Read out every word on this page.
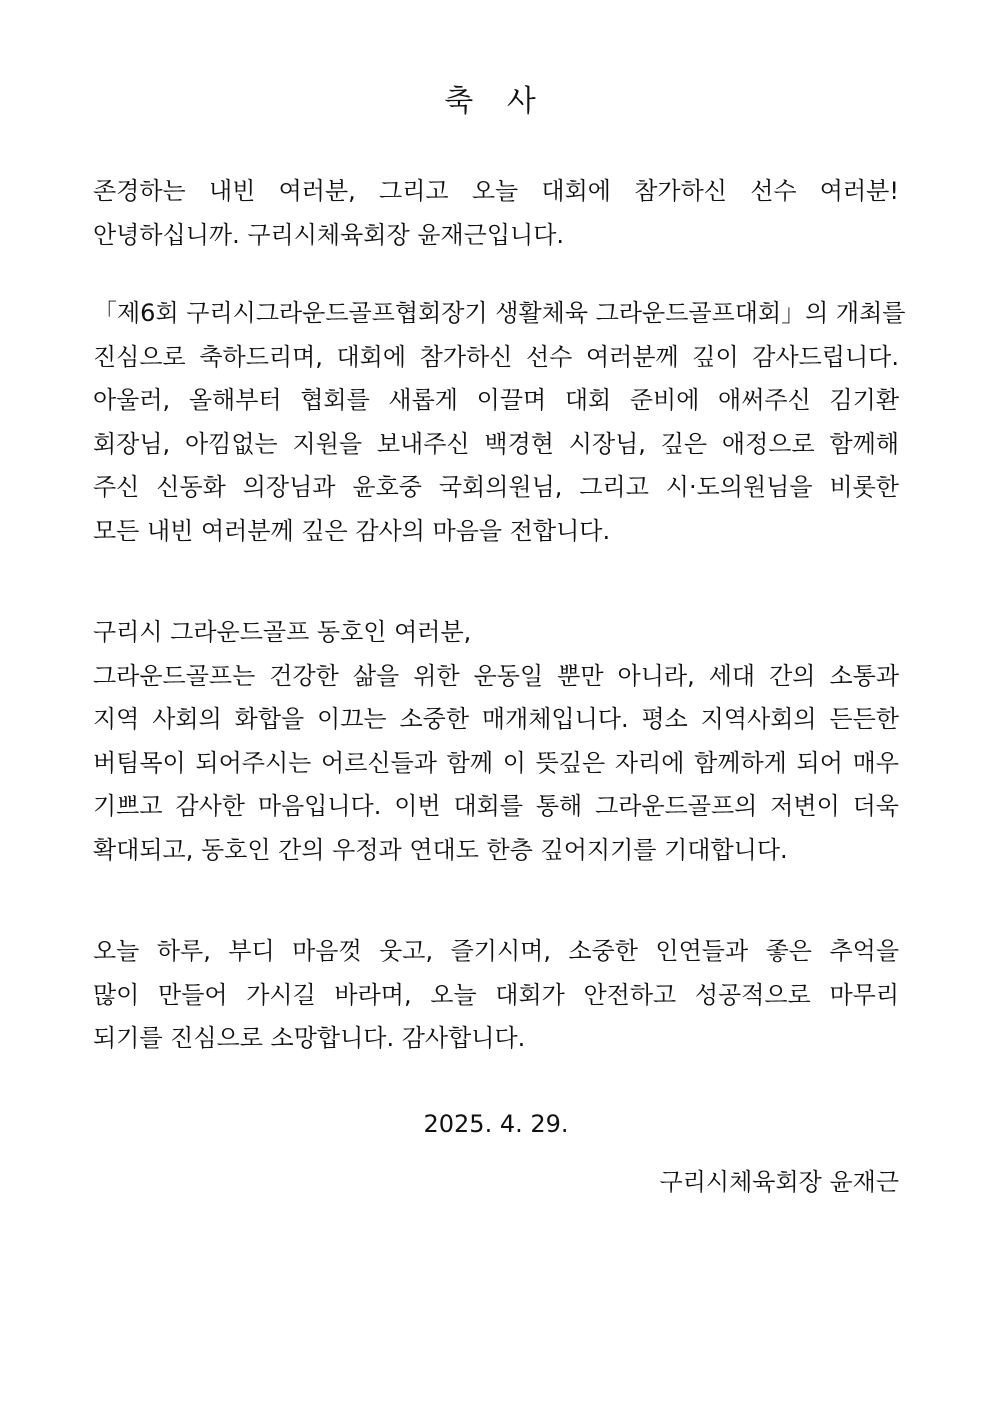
축 사
존경하는 내빈 여러분, 그리고 오늘 대회에 참가하신 선수 여러분!
안녕하십니까. 구리시체육회장 윤재근입니다.
「제6회 구리시그라운드골프협회장기 생활체육 그라운드골프대회」의 개최를
진심으로 축하드리며, 대회에 참가하신 선수 여러분께 깊이 감사드립니다.
아울러, 올해부터 협회를 새롭게 이끌며 대회 준비에 애써주신 김기환
회장님, 아낌없는 지원을 보내주신 백경현 시장님, 깊은 애정으로 함께해
주신 신동화 의장님과 윤호중 국회의원님, 그리고 시·도의원님을 비롯한
모든 내빈 여러분께 깊은 감사의 마음을 전합니다.
구리시 그라운드골프 동호인 여러분,
그라운드골프는 건강한 삶을 위한 운동일 뿐만 아니라, 세대 간의 소통과
지역 사회의 화합을 이끄는 소중한 매개체입니다. 평소 지역사회의 든든한
버팀목이 되어주시는 어르신들과 함께 이 뜻깊은 자리에 함께하게 되어 매우
기쁘고 감사한 마음입니다. 이번 대회를 통해 그라운드골프의 저변이 더욱
확대되고, 동호인 간의 우정과 연대도 한층 깊어지기를 기대합니다.
오늘 하루, 부디 마음껏 웃고, 즐기시며, 소중한 인연들과 좋은 추억을
많이 만들어 가시길 바라며, 오늘 대회가 안전하고 성공적으로 마무리
되기를 진심으로 소망합니다. 감사합니다.
2025. 4. 29.
구리시체육회장 윤재근
